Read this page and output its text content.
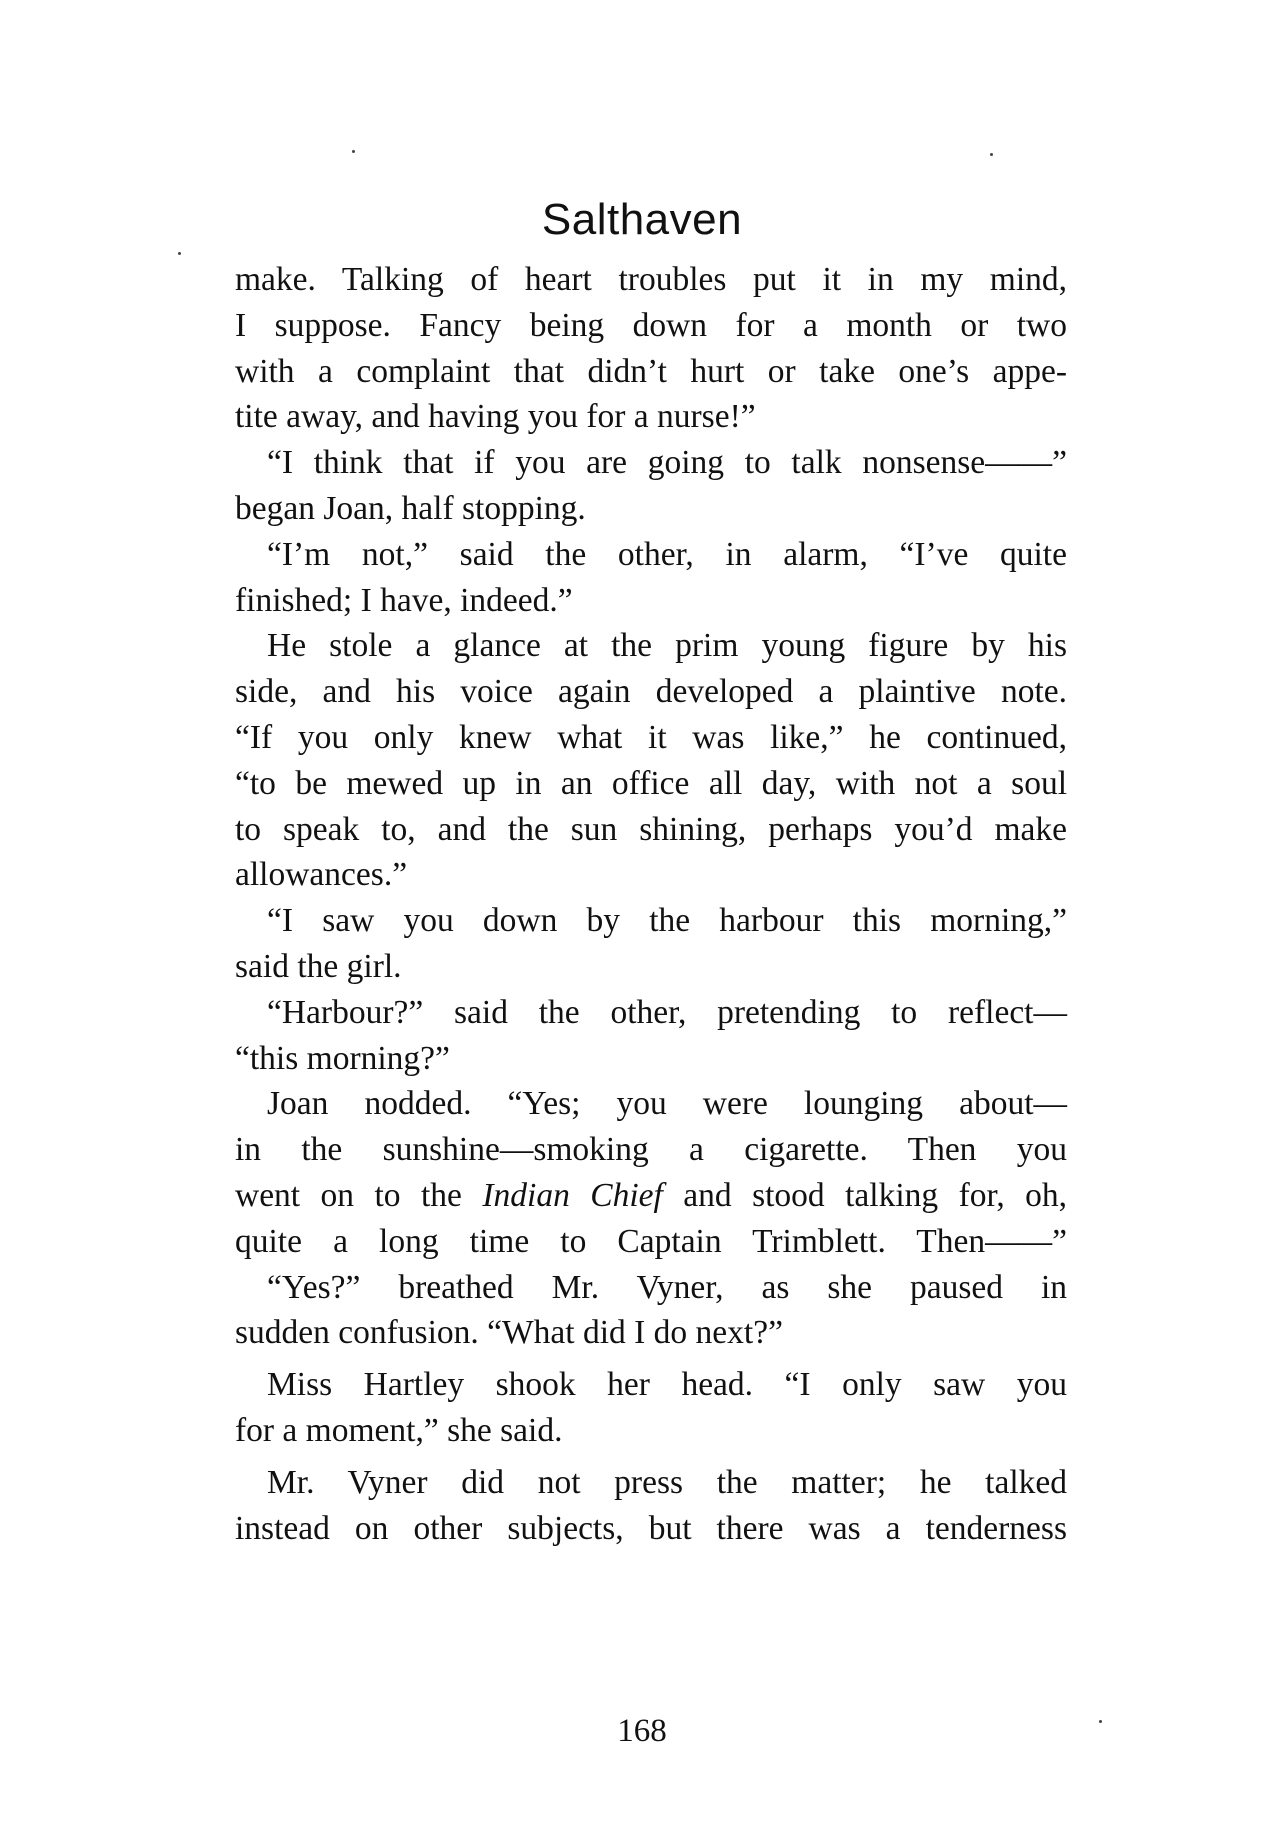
Salthaven
make. Talking of heart troubles put it in my mind,
I suppose. Fancy being down for a month or two
with a complaint that didn’t hurt or take one’s appe-
tite away, and having you for a nurse!”
“I think that if you are going to talk nonsense——”
began Joan, half stopping.
“I’m not,” said the other, in alarm, “I’ve quite
finished; I have, indeed.”
He stole a glance at the prim young figure by his
side, and his voice again developed a plaintive note.
“If you only knew what it was like,” he continued,
“to be mewed up in an office all day, with not a soul
to speak to, and the sun shining, perhaps you’d make
allowances.”
“I saw you down by the harbour this morning,”
said the girl.
“Harbour?” said the other, pretending to reflect—
“this morning?”
Joan nodded. “Yes; you were lounging about—
in the sunshine—smoking a cigarette. Then you
went on to the Indian Chief and stood talking for, oh,
quite a long time to Captain Trimblett. Then——”
“Yes?” breathed Mr. Vyner, as she paused in
sudden confusion. “What did I do next?”
Miss Hartley shook her head. “I only saw you
for a moment,” she said.
Mr. Vyner did not press the matter; he talked
instead on other subjects, but there was a tenderness
168
